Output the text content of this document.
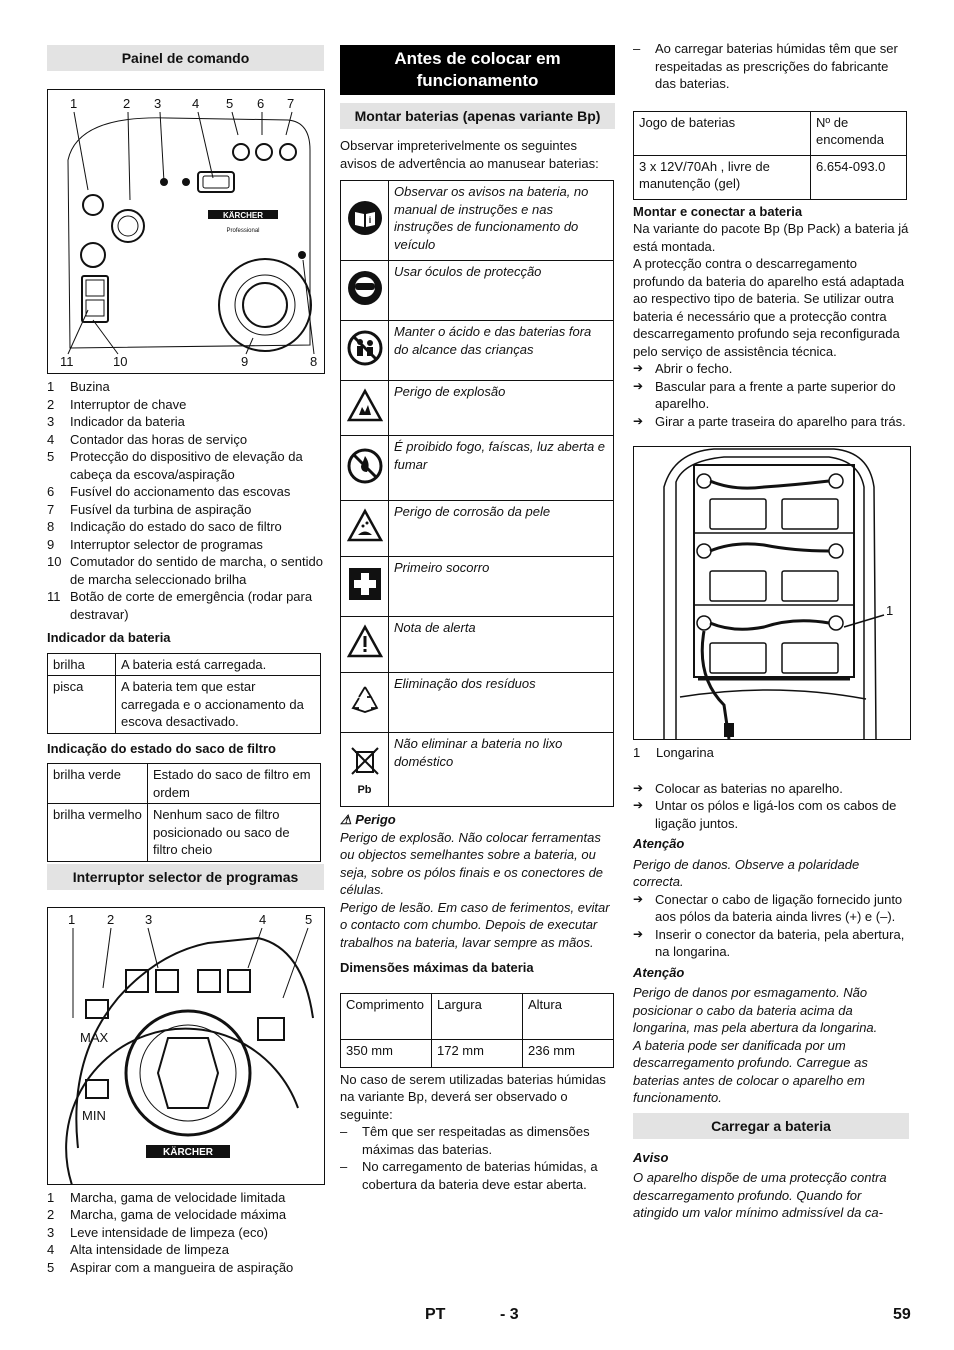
Painel de comando
1	2 3 4 5 6 7
11	10	9	8
KÄRCHER
Professional
1	Buzina
2	Interruptor de chave
3	Indicador da bateria
4	Contador das horas de serviço
5	Protecção do dispositivo de elevação da cabeça da escova/aspiração
6	Fusível do accionamento das escovas
7	Fusível da turbina de aspiração
8	Indicação do estado do saco de filtro
9	Interruptor selector de programas
10 Comutador do sentido de marcha, o sentido de marcha seleccionado brilha
11 Botão de corte de emergência (rodar para destravar)
Indicador da bateria
brilha	A bateria está carregada.
pisca	A bateria tem que estar carregada e o accionamento da escova desactivado.
Indicação do estado do saco de filtro
brilha verde	Estado do saco de filtro em ordem
brilha vermelho	Nenhum saco de filtro posicionado ou saco de filtro cheio
Interruptor selector de programas
1 2 3	4	5
MAX
MIN
KÄRCHER
1	Marcha, gama de velocidade limitada
2	Marcha, gama de velocidade máxima
3	Leve intensidade de limpeza (eco)
4	Alta intensidade de limpeza
5	Aspirar com a mangueira de aspiração
Antes de colocar em funcionamento
Montar baterias (apenas variante Bp)
Observar impreterivelmente os seguintes avisos de advertência ao manusear baterias:
i	Observar os avisos na bateria, no manual de instruções e nas instruções de funcionamento do veículo
	Usar óculos de protecção
	Manter o ácido e das baterias fora do alcance das crianças
	Perigo de explosão
	É proibido fogo, faíscas, luz aberta e fumar
	Perigo de corrosão da pele
	Primeiro socorro
	Nota de alerta
	Eliminação dos resíduos

Pb	Não eliminar a bateria no lixo doméstico
⚠ Perigo
Perigo de explosão. Não colocar ferramentas ou objectos semelhantes sobre a bateria, ou seja, sobre os pólos finais e os conectores de células.
Perigo de lesão. Em caso de ferimentos, evitar o contacto com chumbo. Depois de executar trabalhos na bateria, lavar sempre as mãos.
Dimensões máximas da bateria
Comprimento	Largura	Altura
350 mm	172 mm	236 mm
No caso de serem utilizadas baterias húmidas na variante Bp, deverá ser observado o seguinte:
–	Têm que ser respeitadas as dimensões máximas das baterias.
–	No carregamento de baterias húmidas, a cobertura da bateria deve estar aberta.
–	Ao carregar baterias húmidas têm que ser respeitadas as prescrições do fabricante das baterias.
Jogo de baterias	Nº de encomenda
3 x 12V/70Ah , livre de manutenção (gel)	6.654-093.0
Montar e conectar a bateria
Na variante do pacote Bp (Bp Pack) a bateria já está montada.
A protecção contra o descarregamento profundo da bateria do aparelho está adaptada ao respectivo tipo de bateria. Se utilizar outra bateria é necessário que a protecção contra descarregamento profundo seja reconfigurada pelo serviço de assistência técnica.
➔ Abrir o fecho.
➔ Bascular para a frente a parte superior do aparelho.
➔ Girar a parte traseira do aparelho para trás.
1
1	Longarina
➔ Colocar as baterias no aparelho.
➔ Untar os pólos e ligá-los com os cabos de ligação juntos.
Atenção
Perigo de danos. Observe a polaridade correcta.
➔ Conectar o cabo de ligação fornecido junto aos pólos da bateria ainda livres (+) e (–).
➔ Inserir o conector da bateria, pela abertura, na longarina.
Atenção
Perigo de danos por esmagamento. Não posicionar o cabo da bateria acima da longarina, mas pela abertura da longarina.
A bateria pode ser danificada por um descarregamento profundo. Carregue as baterias antes de colocar o aparelho em funcionamento.
Carregar a bateria
Aviso
O aparelho dispõe de uma protecção contra descarregamento profundo. Quando for atingido um valor mínimo admissível da ca-
PT	- 3	59
